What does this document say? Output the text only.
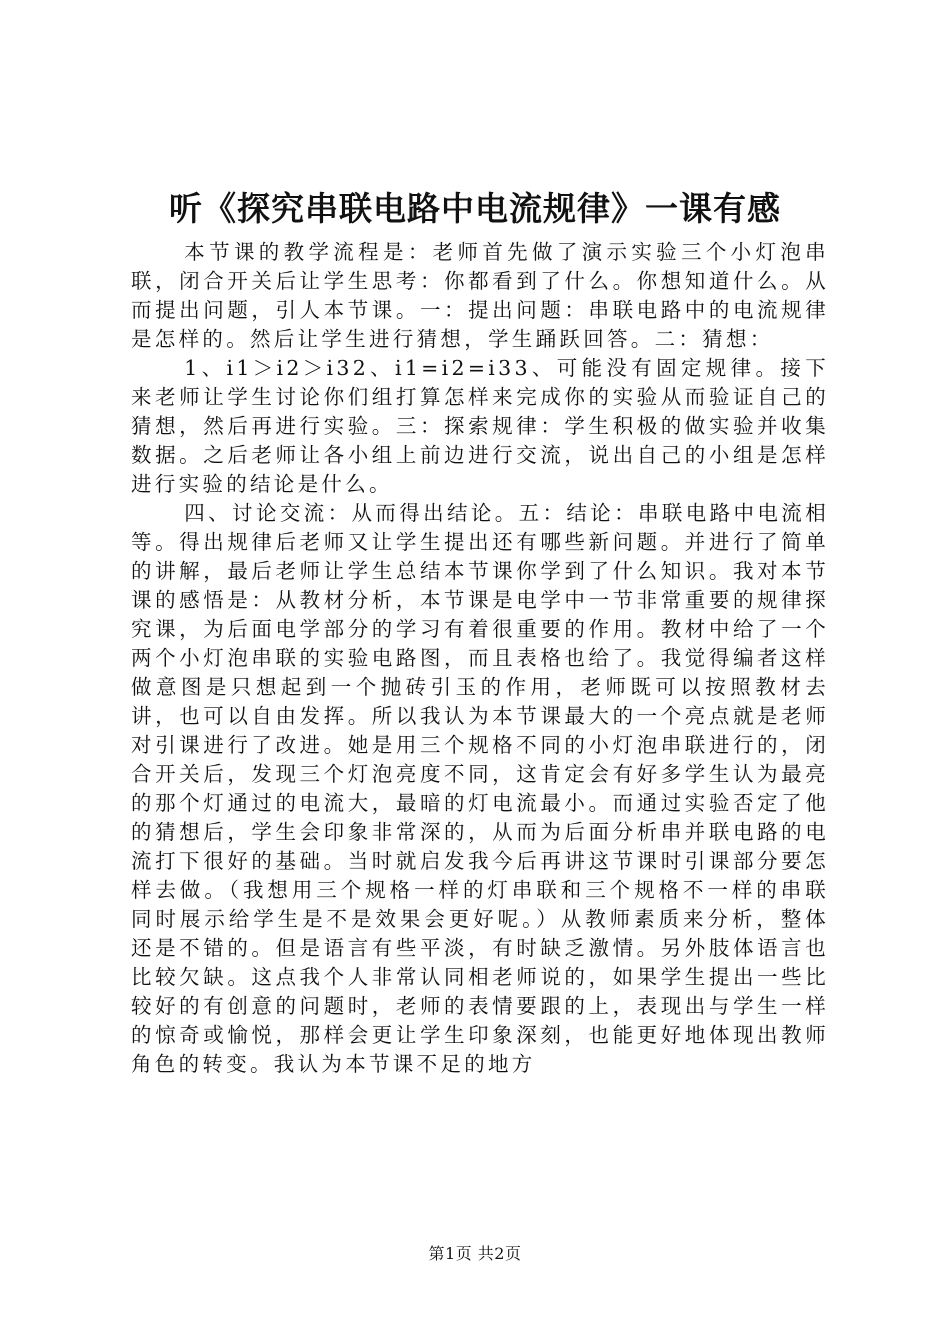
听《探究串联电路中电流规律》一课有感

本节课的教学流程是：老师首先做了演示实验三个小灯泡串联，闭合开关后让学生思考：你都看到了什么。你想知道什么。从而提出问题，引人本节课。一：提出问题：串联电路中的电流规律是怎样的。然后让学生进行猜想，学生踊跃回答。二：猜想：

1、i1＞i2＞i32、i1=i2=i33、可能没有固定规律。接下来老师让学生讨论你们组打算怎样来完成你的实验从而验证自己的猜想，然后再进行实验。三：探索规律：学生积极的做实验并收集数据。之后老师让各小组上前边进行交流，说出自己的小组是怎样进行实验的结论是什么。

四、讨论交流：从而得出结论。五：结论：串联电路中电流相等。得出规律后老师又让学生提出还有哪些新问题。并进行了简单的讲解，最后老师让学生总结本节课你学到了什么知识。我对本节课的感悟是：从教材分析，本节课是电学中一节非常重要的规律探究课，为后面电学部分的学习有着很重要的作用。教材中给了一个两个小灯泡串联的实验电路图，而且表格也给了。我觉得编者这样做意图是只想起到一个抛砖引玉的作用，老师既可以按照教材去讲，也可以自由发挥。所以我认为本节课最大的一个亮点就是老师对引课进行了改进。她是用三个规格不同的小灯泡串联进行的，闭合开关后，发现三个灯泡亮度不同，这肯定会有好多学生认为最亮的那个灯通过的电流大，最暗的灯电流最小。而通过实验否定了他的猜想后，学生会印象非常深的，从而为后面分析串并联电路的电流打下很好的基础。当时就启发我今后再讲这节课时引课部分要怎样去做。（我想用三个规格一样的灯串联和三个规格不一样的串联同时展示给学生是不是效果会更好呢。）从教师素质来分析，整体还是不错的。但是语言有些平淡，有时缺乏激情。另外肢体语言也比较欠缺。这点我个人非常认同相老师说的，如果学生提出一些比较好的有创意的问题时，老师的表情要跟的上，表现出与学生一样的惊奇或愉悦，那样会更让学生印象深刻，也能更好地体现出教师角色的转变。我认为本节课不足的地方

第1页 共2页
